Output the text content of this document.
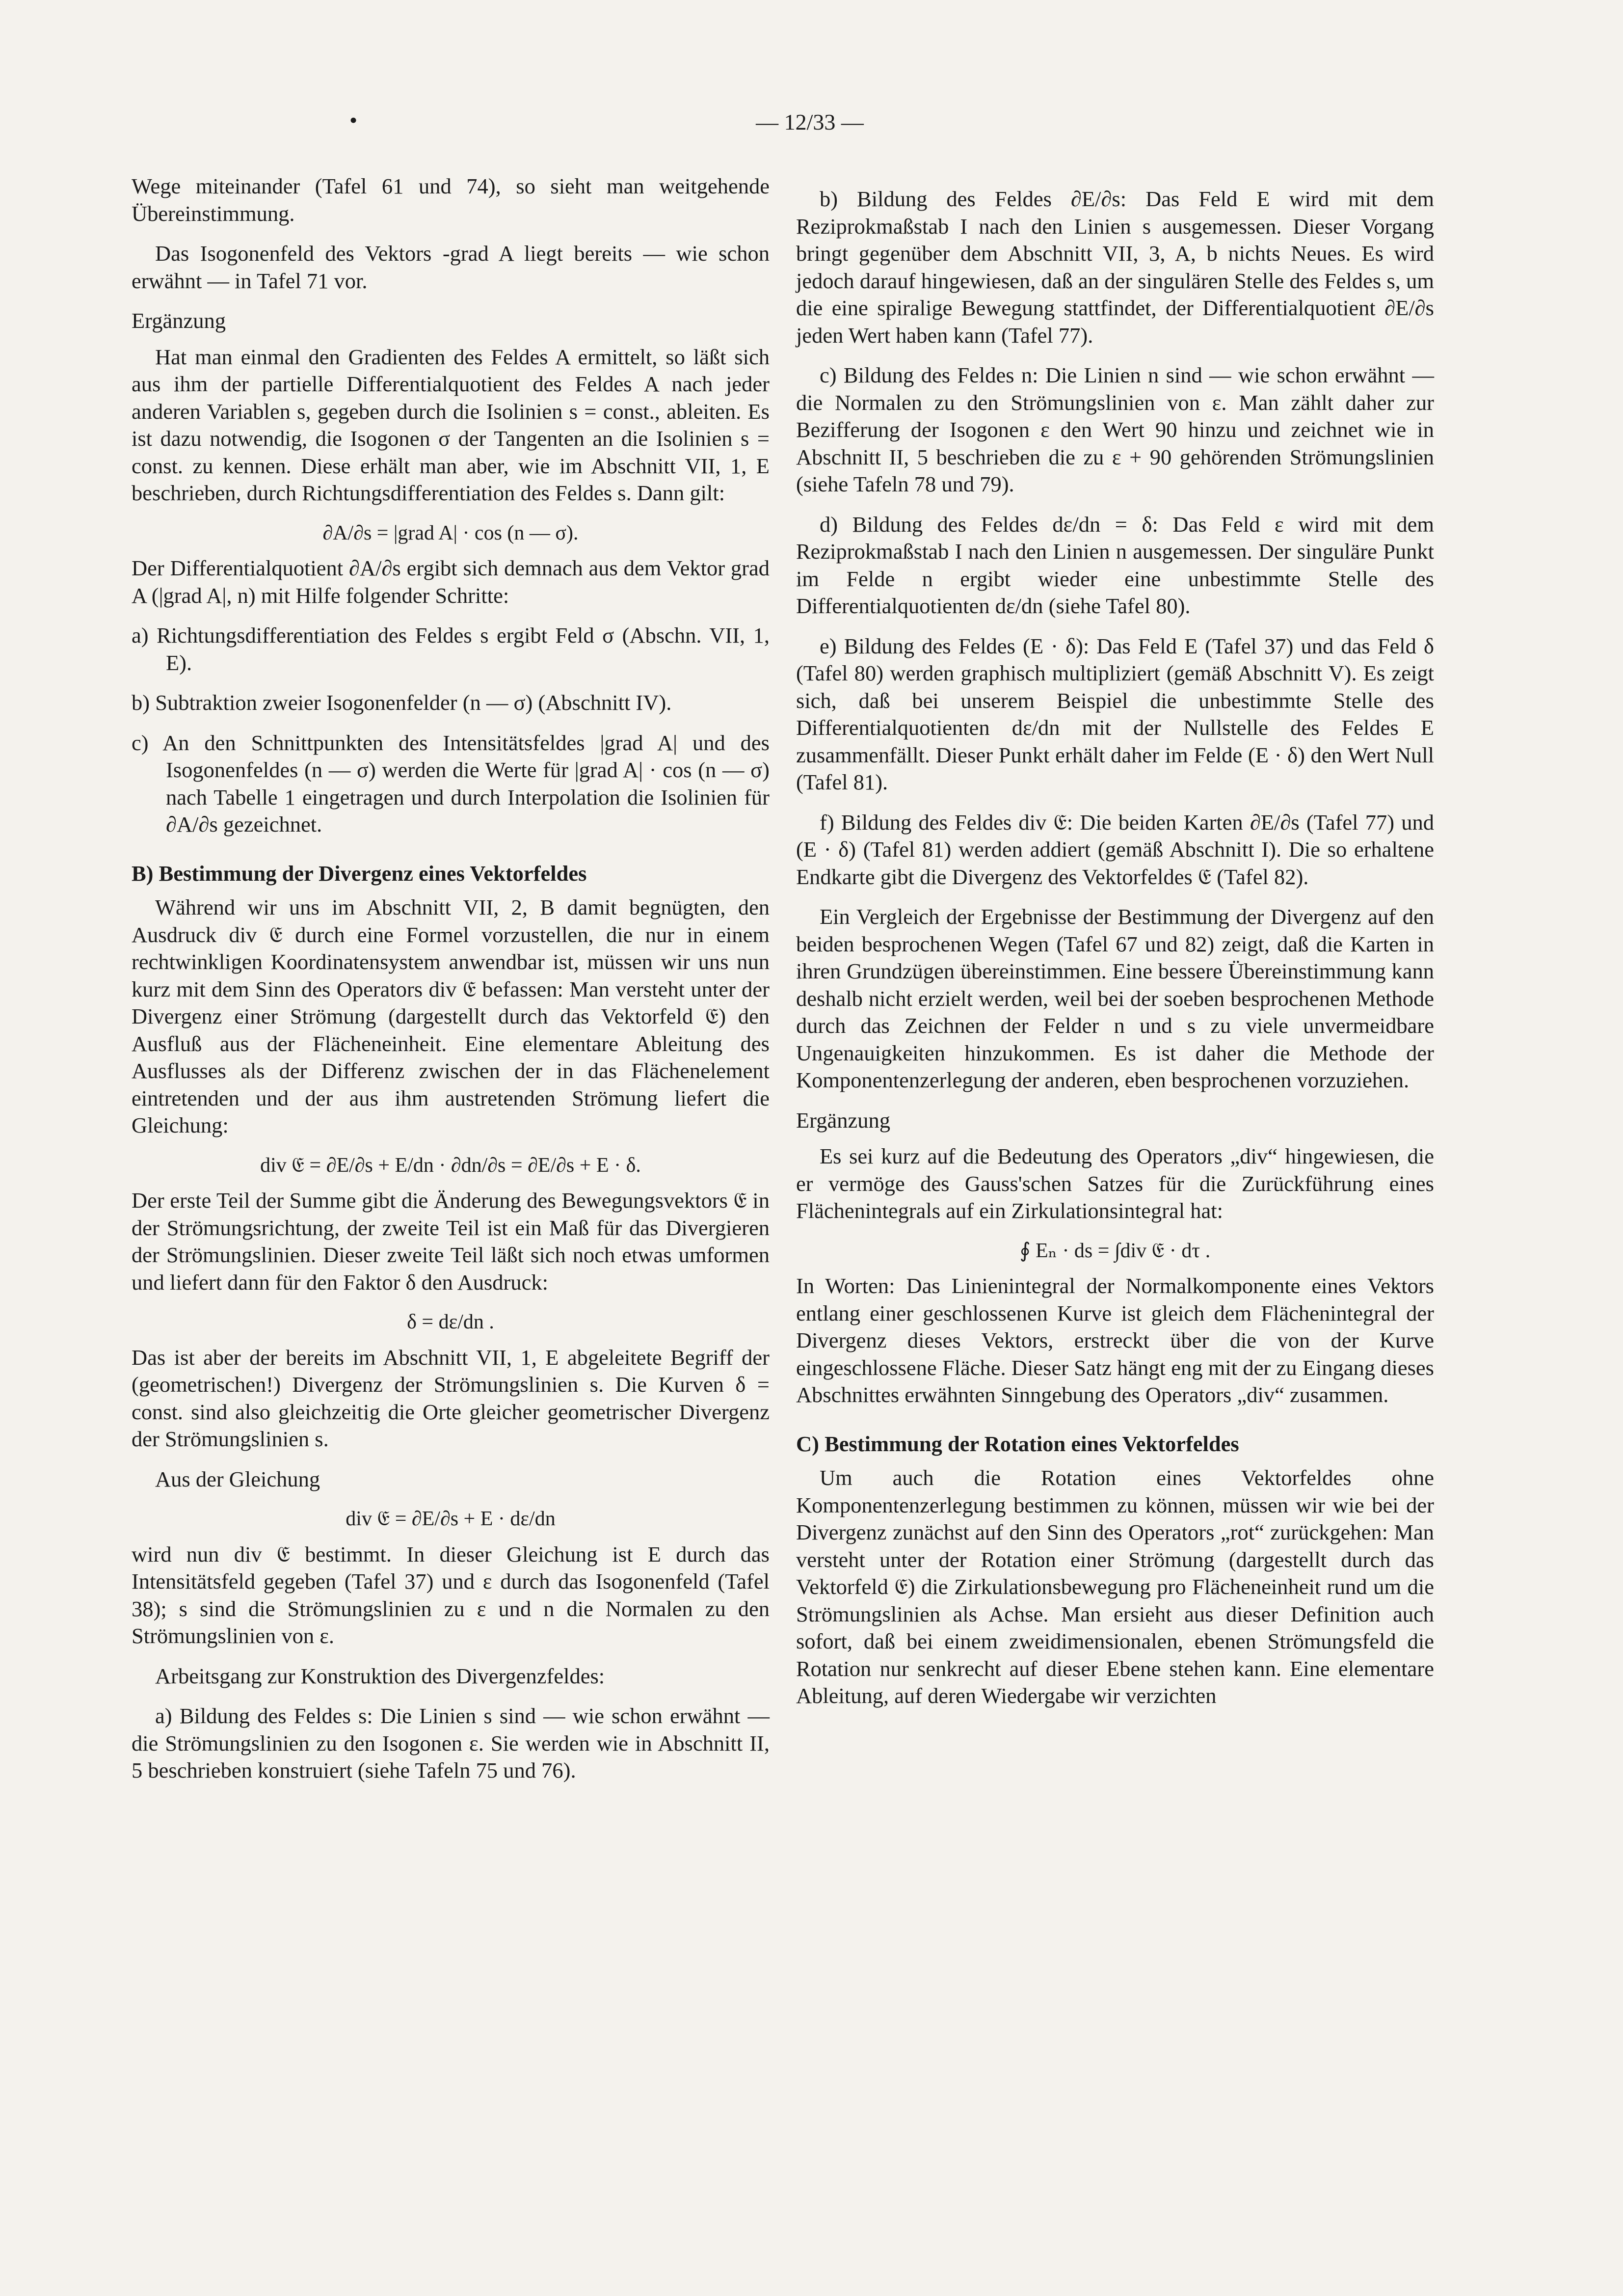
•	— 12/33 —

Wege miteinander (Tafel 61 und 74), so sieht man weitgehende Übereinstimmung.

Das Isogonenfeld des Vektors -grad A liegt bereits — wie schon erwähnt — in Tafel 71 vor.

Ergänzung

Hat man einmal den Gradienten des Feldes A ermittelt, so läßt sich aus ihm der partielle Differentialquotient des Feldes A nach jeder anderen Variablen s, gegeben durch die Isolinien s = const., ableiten. Es ist dazu notwendig, die Isogonen σ der Tangenten an die Isolinien s = const. zu kennen. Diese erhält man aber, wie im Abschnitt VII, 1, E beschrieben, durch Richtungsdifferentiation des Feldes s. Dann gilt:

∂A/∂s = |grad A| · cos (n — σ).

Der Differentialquotient ∂A/∂s ergibt sich demnach aus dem Vektor grad A (|grad A|, n) mit Hilfe folgender Schritte:

a) Richtungsdifferentiation des Feldes s ergibt Feld σ (Abschn. VII, 1, E).

b) Subtraktion zweier Isogonenfelder (n — σ) (Abschnitt IV).

c) An den Schnittpunkten des Intensitätsfeldes |grad A| und des Isogonenfeldes (n — σ) werden die Werte für |grad A| · cos (n — σ) nach Tabelle 1 eingetragen und durch Interpolation die Isolinien für ∂A/∂s gezeichnet.

B) Bestimmung der Divergenz eines Vektorfeldes

Während wir uns im Abschnitt VII, 2, B damit begnügten, den Ausdruck div 𝔈 durch eine Formel vorzustellen, die nur in einem rechtwinkligen Koordinatensystem anwendbar ist, müssen wir uns nun kurz mit dem Sinn des Operators div 𝔈 befassen: Man versteht unter der Divergenz einer Strömung (dargestellt durch das Vektorfeld 𝔈) den Ausfluß aus der Flächeneinheit. Eine elementare Ableitung des Ausflusses als der Differenz zwischen der in das Flächenelement eintretenden und der aus ihm austretenden Strömung liefert die Gleichung:

div 𝔈 = ∂E/∂s + E/dn · ∂dn/∂s = ∂E/∂s + E · δ.

Der erste Teil der Summe gibt die Änderung des Bewegungsvektors 𝔈 in der Strömungsrichtung, der zweite Teil ist ein Maß für das Divergieren der Strömungslinien. Dieser zweite Teil läßt sich noch etwas umformen und liefert dann für den Faktor δ den Ausdruck:

δ = dε/dn .

Das ist aber der bereits im Abschnitt VII, 1, E abgeleitete Begriff der (geometrischen!) Divergenz der Strömungslinien s. Die Kurven δ = const. sind also gleichzeitig die Orte gleicher geometrischer Divergenz der Strömungslinien s.

Aus der Gleichung

div 𝔈 = ∂E/∂s + E · dε/dn

wird nun div 𝔈 bestimmt. In dieser Gleichung ist E durch das Intensitätsfeld gegeben (Tafel 37) und ε durch das Isogonenfeld (Tafel 38); s sind die Strömungslinien zu ε und n die Normalen zu den Strömungslinien von ε.

Arbeitsgang zur Konstruktion des Divergenzfeldes:

a) Bildung des Feldes s: Die Linien s sind — wie schon erwähnt — die Strömungslinien zu den Isogonen ε. Sie werden wie in Abschnitt II, 5 beschrieben konstruiert (siehe Tafeln 75 und 76).

b) Bildung des Feldes ∂E/∂s: Das Feld E wird mit dem Reziprokmaßstab I nach den Linien s ausgemessen. Dieser Vorgang bringt gegenüber dem Abschnitt VII, 3, A, b nichts Neues. Es wird jedoch darauf hingewiesen, daß an der singulären Stelle des Feldes s, um die eine spiralige Bewegung stattfindet, der Differentialquotient ∂E/∂s jeden Wert haben kann (Tafel 77).

c) Bildung des Feldes n: Die Linien n sind — wie schon erwähnt — die Normalen zu den Strömungslinien von ε. Man zählt daher zur Bezifferung der Isogonen ε den Wert 90 hinzu und zeichnet wie in Abschnitt II, 5 beschrieben die zu ε + 90 gehörenden Strömungslinien (siehe Tafeln 78 und 79).

d) Bildung des Feldes dε/dn = δ: Das Feld ε wird mit dem Reziprokmaßstab I nach den Linien n ausgemessen. Der singuläre Punkt im Felde n ergibt wieder eine unbestimmte Stelle des Differentialquotienten dε/dn (siehe Tafel 80).

e) Bildung des Feldes (E · δ): Das Feld E (Tafel 37) und das Feld δ (Tafel 80) werden graphisch multipliziert (gemäß Abschnitt V). Es zeigt sich, daß bei unserem Beispiel die unbestimmte Stelle des Differentialquotienten dε/dn mit der Nullstelle des Feldes E zusammenfällt. Dieser Punkt erhält daher im Felde (E · δ) den Wert Null (Tafel 81).

f) Bildung des Feldes div 𝔈: Die beiden Karten ∂E/∂s (Tafel 77) und (E · δ) (Tafel 81) werden addiert (gemäß Abschnitt I). Die so erhaltene Endkarte gibt die Divergenz des Vektorfeldes 𝔈 (Tafel 82).

Ein Vergleich der Ergebnisse der Bestimmung der Divergenz auf den beiden besprochenen Wegen (Tafel 67 und 82) zeigt, daß die Karten in ihren Grundzügen übereinstimmen. Eine bessere Übereinstimmung kann deshalb nicht erzielt werden, weil bei der soeben besprochenen Methode durch das Zeichnen der Felder n und s zu viele unvermeidbare Ungenauigkeiten hinzukommen. Es ist daher die Methode der Komponentenzerlegung der anderen, eben besprochenen vorzuziehen.

Ergänzung

Es sei kurz auf die Bedeutung des Operators „div“ hingewiesen, die er vermöge des Gauss'schen Satzes für die Zurückführung eines Flächenintegrals auf ein Zirkulationsintegral hat:

∮ Eₙ · ds = ∫div 𝔈 · dτ .

In Worten: Das Linienintegral der Normalkomponente eines Vektors entlang einer geschlossenen Kurve ist gleich dem Flächenintegral der Divergenz dieses Vektors, erstreckt über die von der Kurve eingeschlossene Fläche. Dieser Satz hängt eng mit der zu Eingang dieses Abschnittes erwähnten Sinngebung des Operators „div“ zusammen.

C) Bestimmung der Rotation eines Vektorfeldes

Um auch die Rotation eines Vektorfeldes ohne Komponentenzerlegung bestimmen zu können, müssen wir wie bei der Divergenz zunächst auf den Sinn des Operators „rot“ zurückgehen: Man versteht unter der Rotation einer Strömung (dargestellt durch das Vektorfeld 𝔈) die Zirkulationsbewegung pro Flächeneinheit rund um die Strömungslinien als Achse. Man ersieht aus dieser Definition auch sofort, daß bei einem zweidimensionalen, ebenen Strömungsfeld die Rotation nur senkrecht auf dieser Ebene stehen kann. Eine elementare Ableitung, auf deren Wiedergabe wir verzichten
